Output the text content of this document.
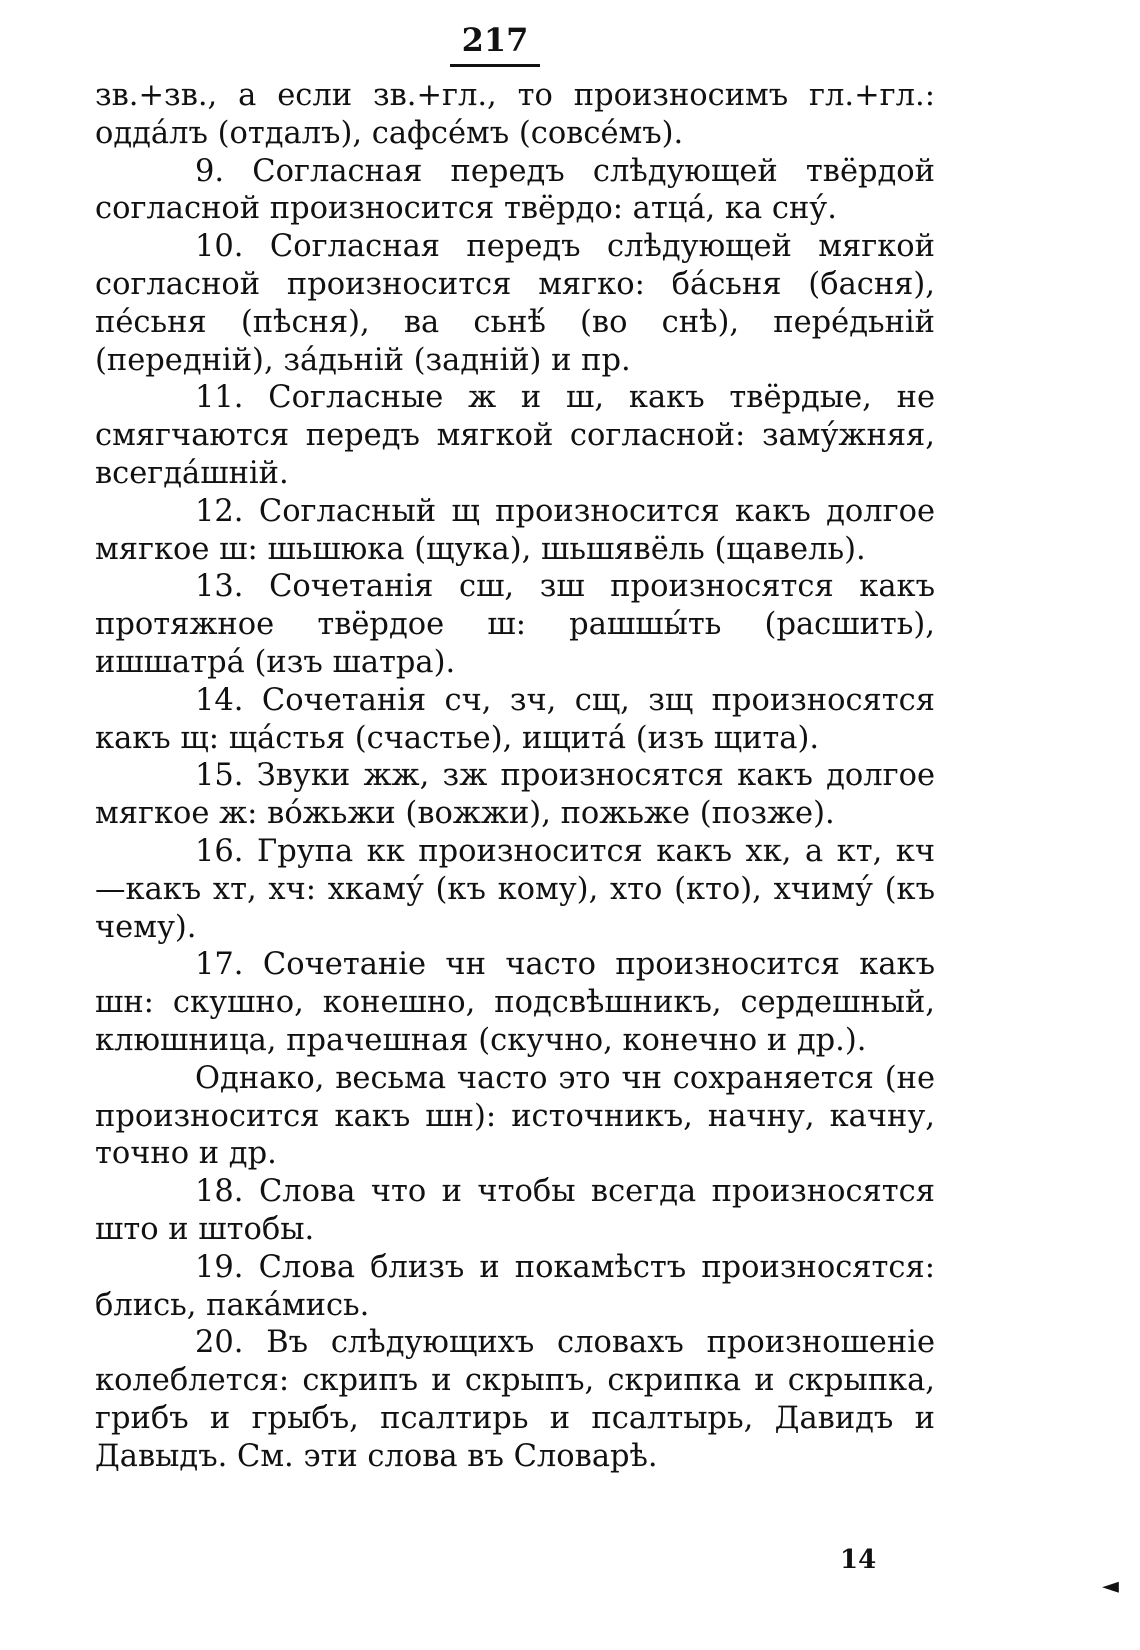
217

зв.+зв., а если зв.+гл., то произносимъ гл.+гл.: одда́лъ (отдалъ), сафсе́мъ (совсе́мъ).

9. Согласная передъ слѣдующей твёрдой согласной произносится твёрдо: атца́, ка сну́.

10. Согласная передъ слѣдующей мягкой согласной произносится мягко: ба́сьня (басня), пе́сьня (пѣсня), ва сьнѣ́ (во снѣ), пере́дьній (передній), за́дьній (задній) и пр.

11. Согласные ж и ш, какъ твёрдые, не смягчаются передъ мягкой согласной: заму́жняя, всегда́шній.

12. Согласный щ произносится какъ долгое мягкое ш: шьшюка (щука), шьшявёль (щавель).

13. Сочетанія сш, зш произносятся какъ протяжное твёрдое ш: рашшы́ть (расшить), ишшатра́ (изъ шатра).

14. Сочетанія сч, зч, сщ, зщ произносятся какъ щ: ща́стья (счастье), ищита́ (изъ щита).

15. Звуки жж, зж произносятся какъ долгое мягкое ж: во́жьжи (вожжи), пожьже (позже).

16. Група кк произносится какъ хк, а кт, кч—какъ хт, хч: хкаму́ (къ кому), хто (кто), хчиму́ (къ чему).

17. Сочетаніе чн часто произносится какъ шн: скушно, конешно, подсвѣшникъ, сердешный, клюшница, прачешная (скучно, конечно и др.).

Однако, весьма часто это чн сохраняется (не произносится какъ шн): источникъ, начну, качну, точно и др.

18. Слова что и чтобы всегда произносятся што и штобы.

19. Слова близъ и покамѣстъ произносятся: блись, пака́мись.

20. Въ слѣдующихъ словахъ произношеніе колеблется: скрипъ и скрыпъ, скрипка и скрыпка, грибъ и грыбъ, псалтирь и псалтырь, Давидъ и Давыдъ. См. эти слова въ Словарѣ.

14
◄
